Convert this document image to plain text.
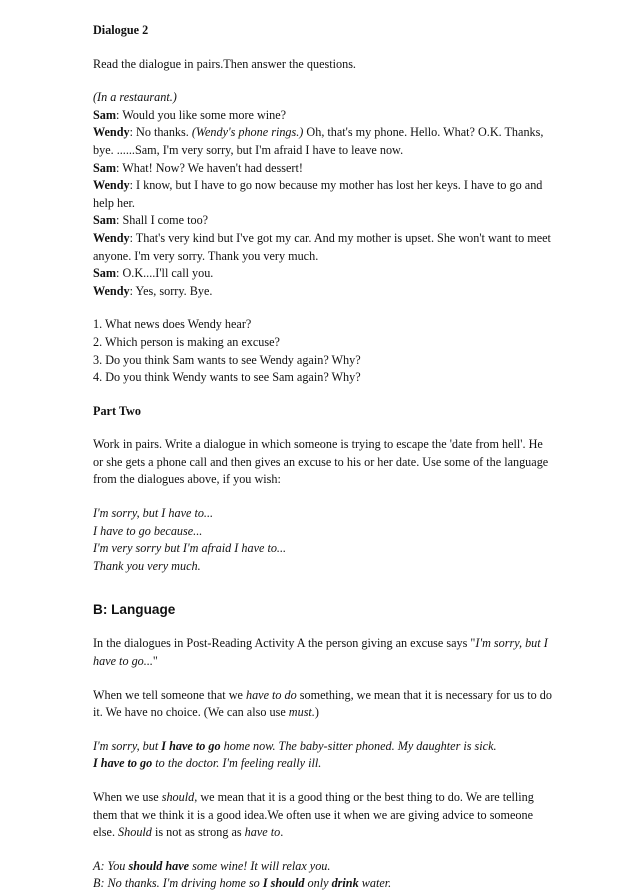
Dialogue 2

Read the dialogue in pairs.Then answer the questions.

(In a restaurant.)

Sam: Would you like some more wine?

Wendy: No thanks. (Wendy's phone rings.) Oh, that's my phone. Hello. What? O.K. Thanks, bye. ......Sam, I'm very sorry, but I'm afraid I have to leave now.

Sam: What! Now? We haven't had dessert!

Wendy: I know, but I have to go now because my mother has lost her keys. I have to go and help her.

Sam: Shall I come too?

Wendy: That's very kind but I've got my car. And my mother is upset. She won't want to meet anyone. I'm very sorry. Thank you very much.

Sam: O.K....I'll call you.

Wendy: Yes, sorry. Bye.

1. What news does Wendy hear?

2. Which person is making an excuse?

3. Do you think Sam wants to see Wendy again? Why?

4. Do you think Wendy wants to see Sam again? Why?

Part Two

Work in pairs. Write a dialogue in which someone is trying to escape the 'date from hell'. He or she gets a phone call and then gives an excuse to his or her date. Use some of the language from the dialogues above, if you wish:

I'm sorry, but I have to...

I have to go because...

I'm very sorry but I'm afraid I have to...

Thank you very much.

B: Language

In the dialogues in Post-Reading Activity A the person giving an excuse says "I'm sorry, but I have to go..."

When we tell someone that we have to do something, we mean that it is necessary for us to do it. We have no choice. (We can also use must.)

I'm sorry, but I have to go home now. The baby-sitter phoned. My daughter is sick.

I have to go to the doctor. I'm feeling really ill.

When we use should, we mean that it is a good thing or the best thing to do. We are telling them that we think it is a good idea.We often use it when we are giving advice to someone else. Should is not as strong as have to.

A: You should have some wine! It will relax you.

B: No thanks. I'm driving home so I should only drink water.
